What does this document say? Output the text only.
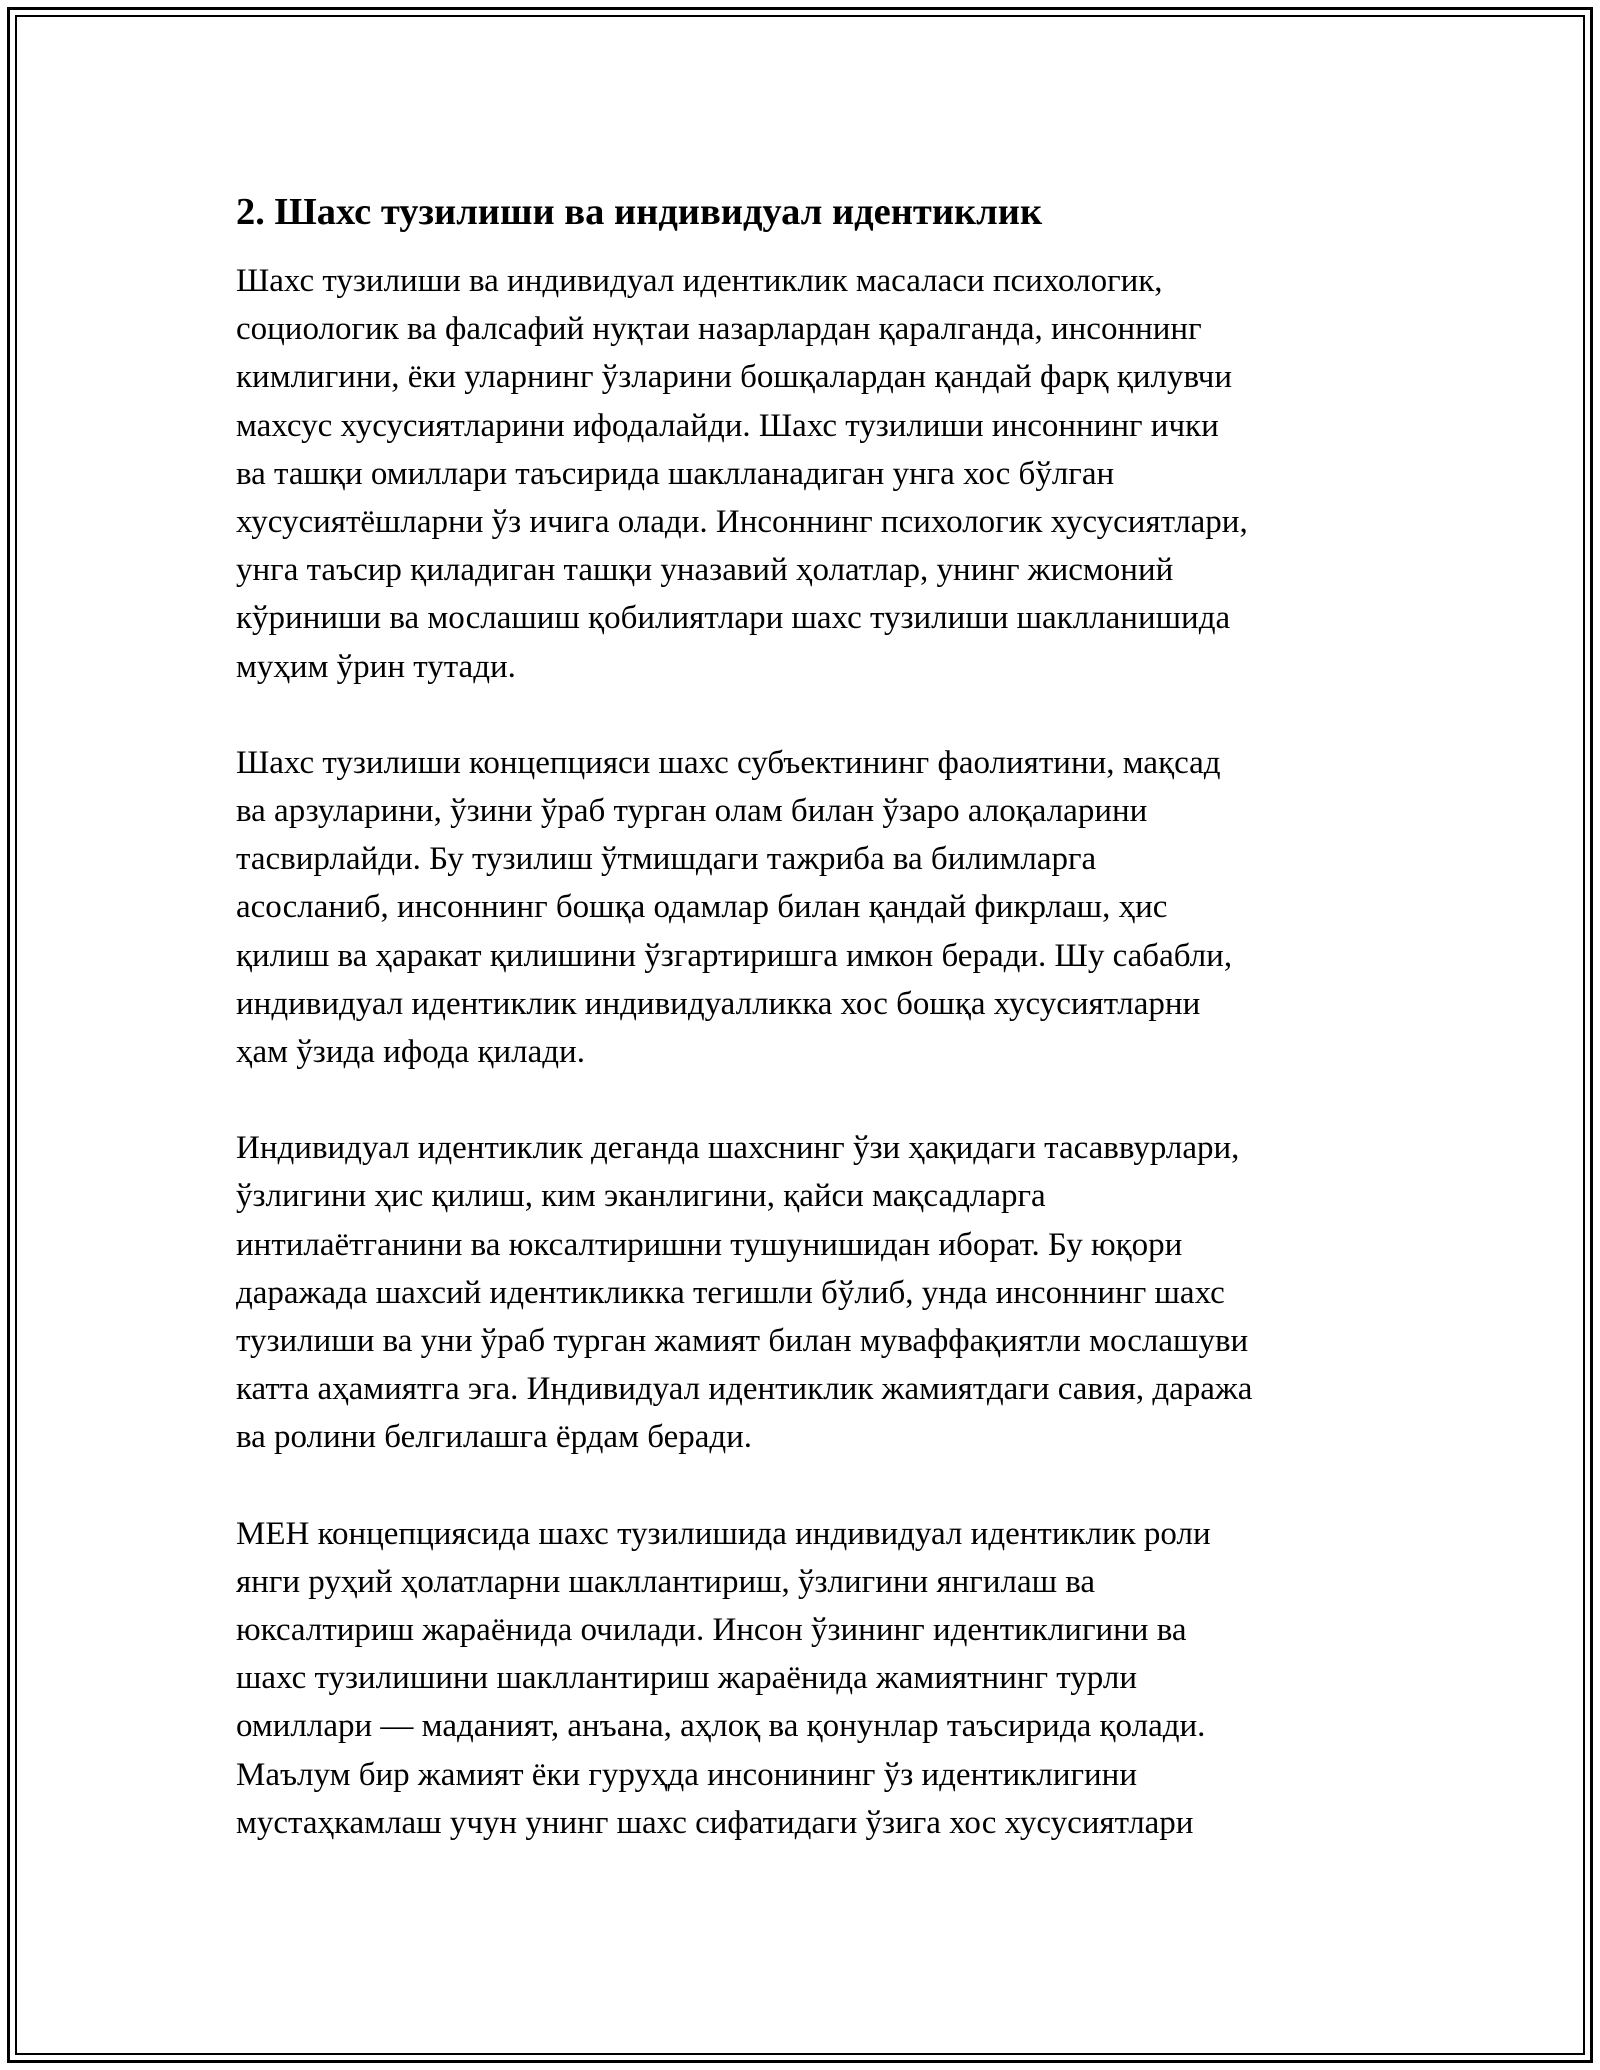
2. Шахс тузилиши ва индивидуал идентиклик

Шахс тузилиши ва индивидуал идентиклик масаласи психологик,
социологик ва фалсафий нуқтаи назарлардан қаралганда, инсоннинг
кимлигини, ёки уларнинг ўзларини бошқалардан қандай фарқ қилувчи
махсус хусусиятларини ифодалайди. Шахс тузилиши инсоннинг ички
ва ташқи омиллари таъсирида шаклланадиган унга хос бўлган
хусусиятёшларни ўз ичига олади. Инсоннинг психологик хусусиятлари,
унга таъсир қиладиган ташқи уназавий ҳолатлар, унинг жисмоний
кўриниши ва мослашиш қобилиятлари шахс тузилиши шаклланишида
муҳим ўрин тутади.

Шахс тузилиши концепцияси шахс субъектининг фаолиятини, мақсад
ва арзуларини, ўзини ўраб турган олам билан ўзаро алоқаларини
тасвирлайди. Бу тузилиш ўтмишдаги тажриба ва билимларга
асосланиб, инсоннинг бошқа одамлар билан қандай фикрлаш, ҳис
қилиш ва ҳаракат қилишини ўзгартиришга имкон беради. Шу сабабли,
индивидуал идентиклик индивидуалликка хос бошқа хусусиятларни
ҳам ўзида ифода қилади.

Индивидуал идентиклик деганда шахснинг ўзи ҳақидаги тасаввурлари,
ўзлигини ҳис қилиш, ким эканлигини, қайси мақсадларга
интилаётганини ва юксалтиришни тушунишидан иборат. Бу юқори
даражада шахсий идентикликка тегишли бўлиб, унда инсоннинг шахс
тузилиши ва уни ўраб турган жамият билан муваффақиятли мослашуви
катта аҳамиятга эга. Индивидуал идентиклик жамиятдаги савия, даража
ва ролини белгилашга ёрдам беради.

МЕН концепциясида шахс тузилишида индивидуал идентиклик роли
янги руҳий ҳолатларни шакллантириш, ўзлигини янгилаш ва
юксалтириш жараёнида очилади. Инсон ўзининг идентиклигини ва
шахс тузилишини шакллантириш жараёнида жамиятнинг турли
омиллари — маданият, анъана, аҳлоқ ва қонунлар таъсирида қолади.
Маълум бир жамият ёки гуруҳда инсонининг ўз идентиклигини
мустаҳкамлаш учун унинг шахс сифатидаги ўзига хос хусусиятлари
